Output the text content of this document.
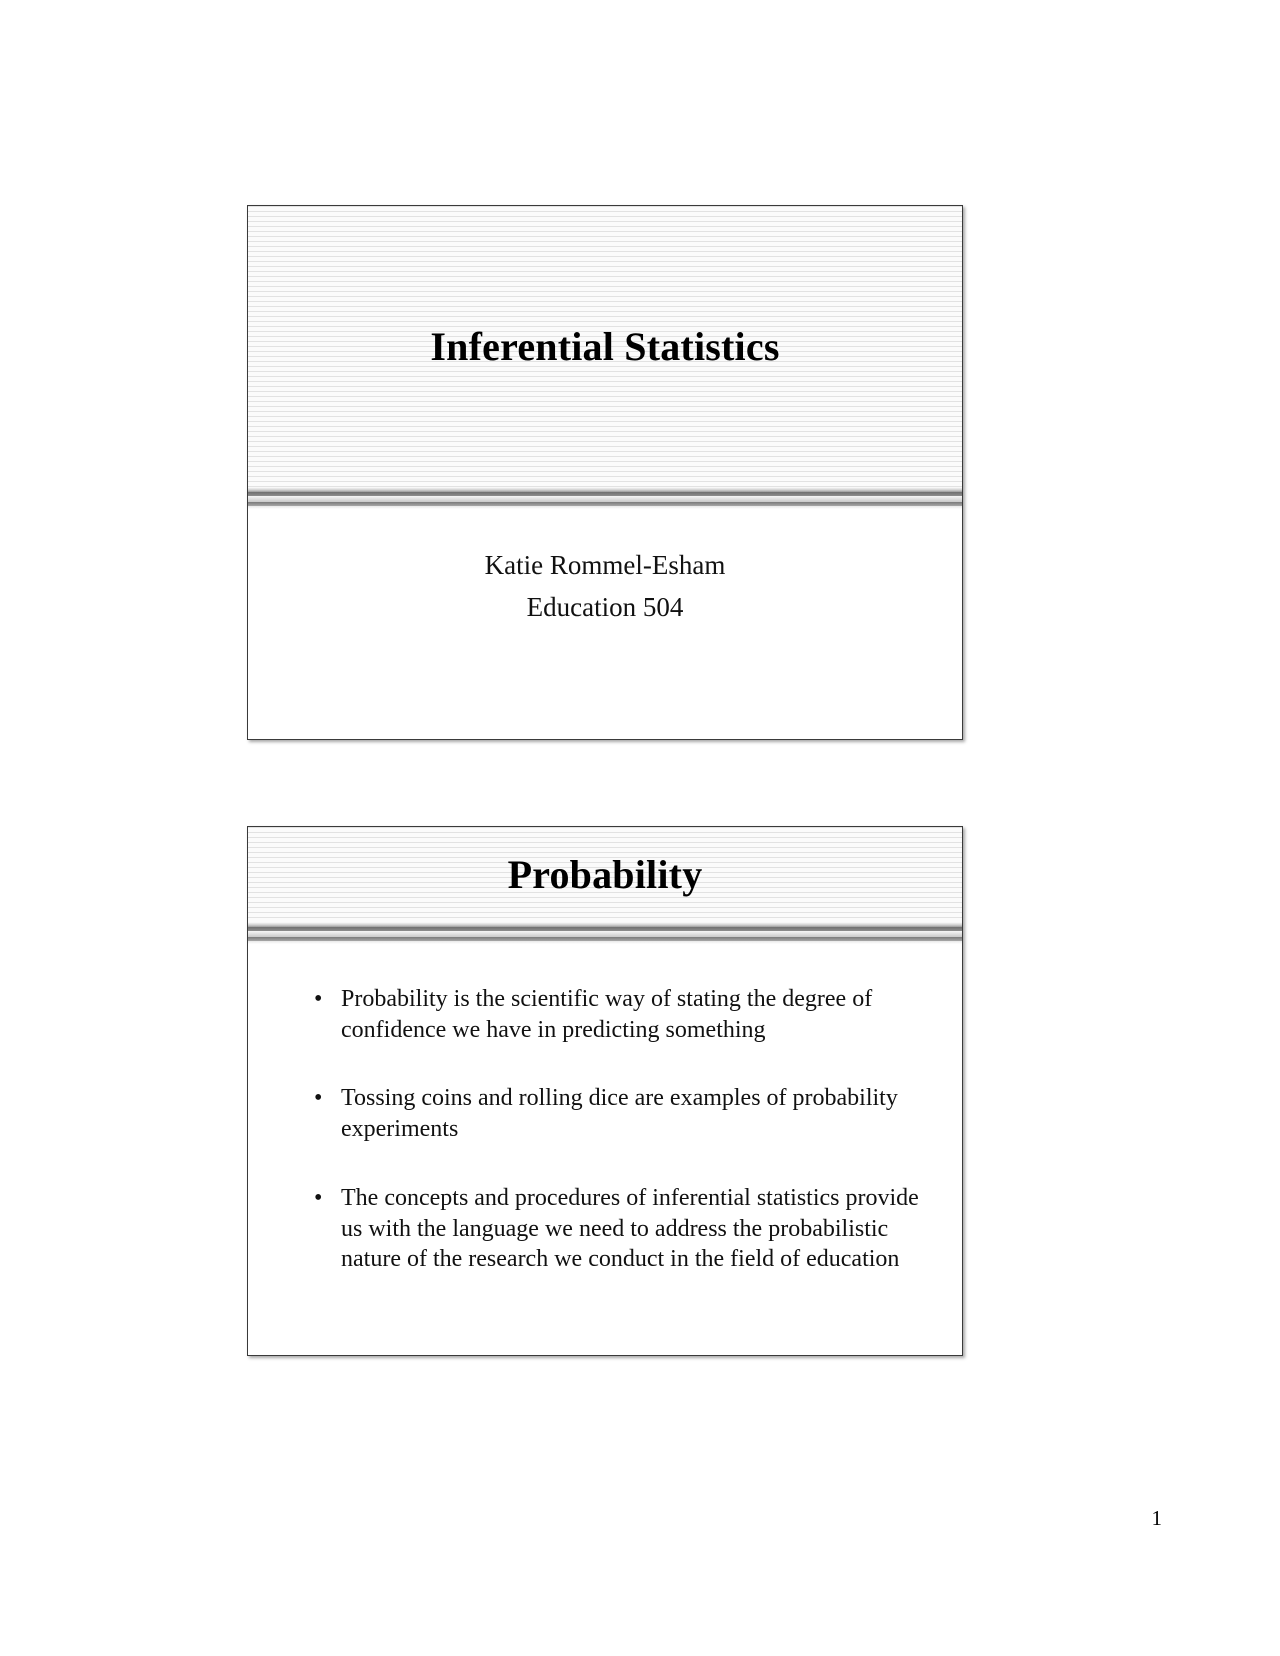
Inferential Statistics
Katie Rommel-Esham
Education 504
Probability
• Probability is the scientific way of stating the degree of confidence we have in predicting something
• Tossing coins and rolling dice are examples of probability experiments
• The concepts and procedures of inferential statistics provide us with the language we need to address the probabilistic nature of the research we conduct in the field of education
1
